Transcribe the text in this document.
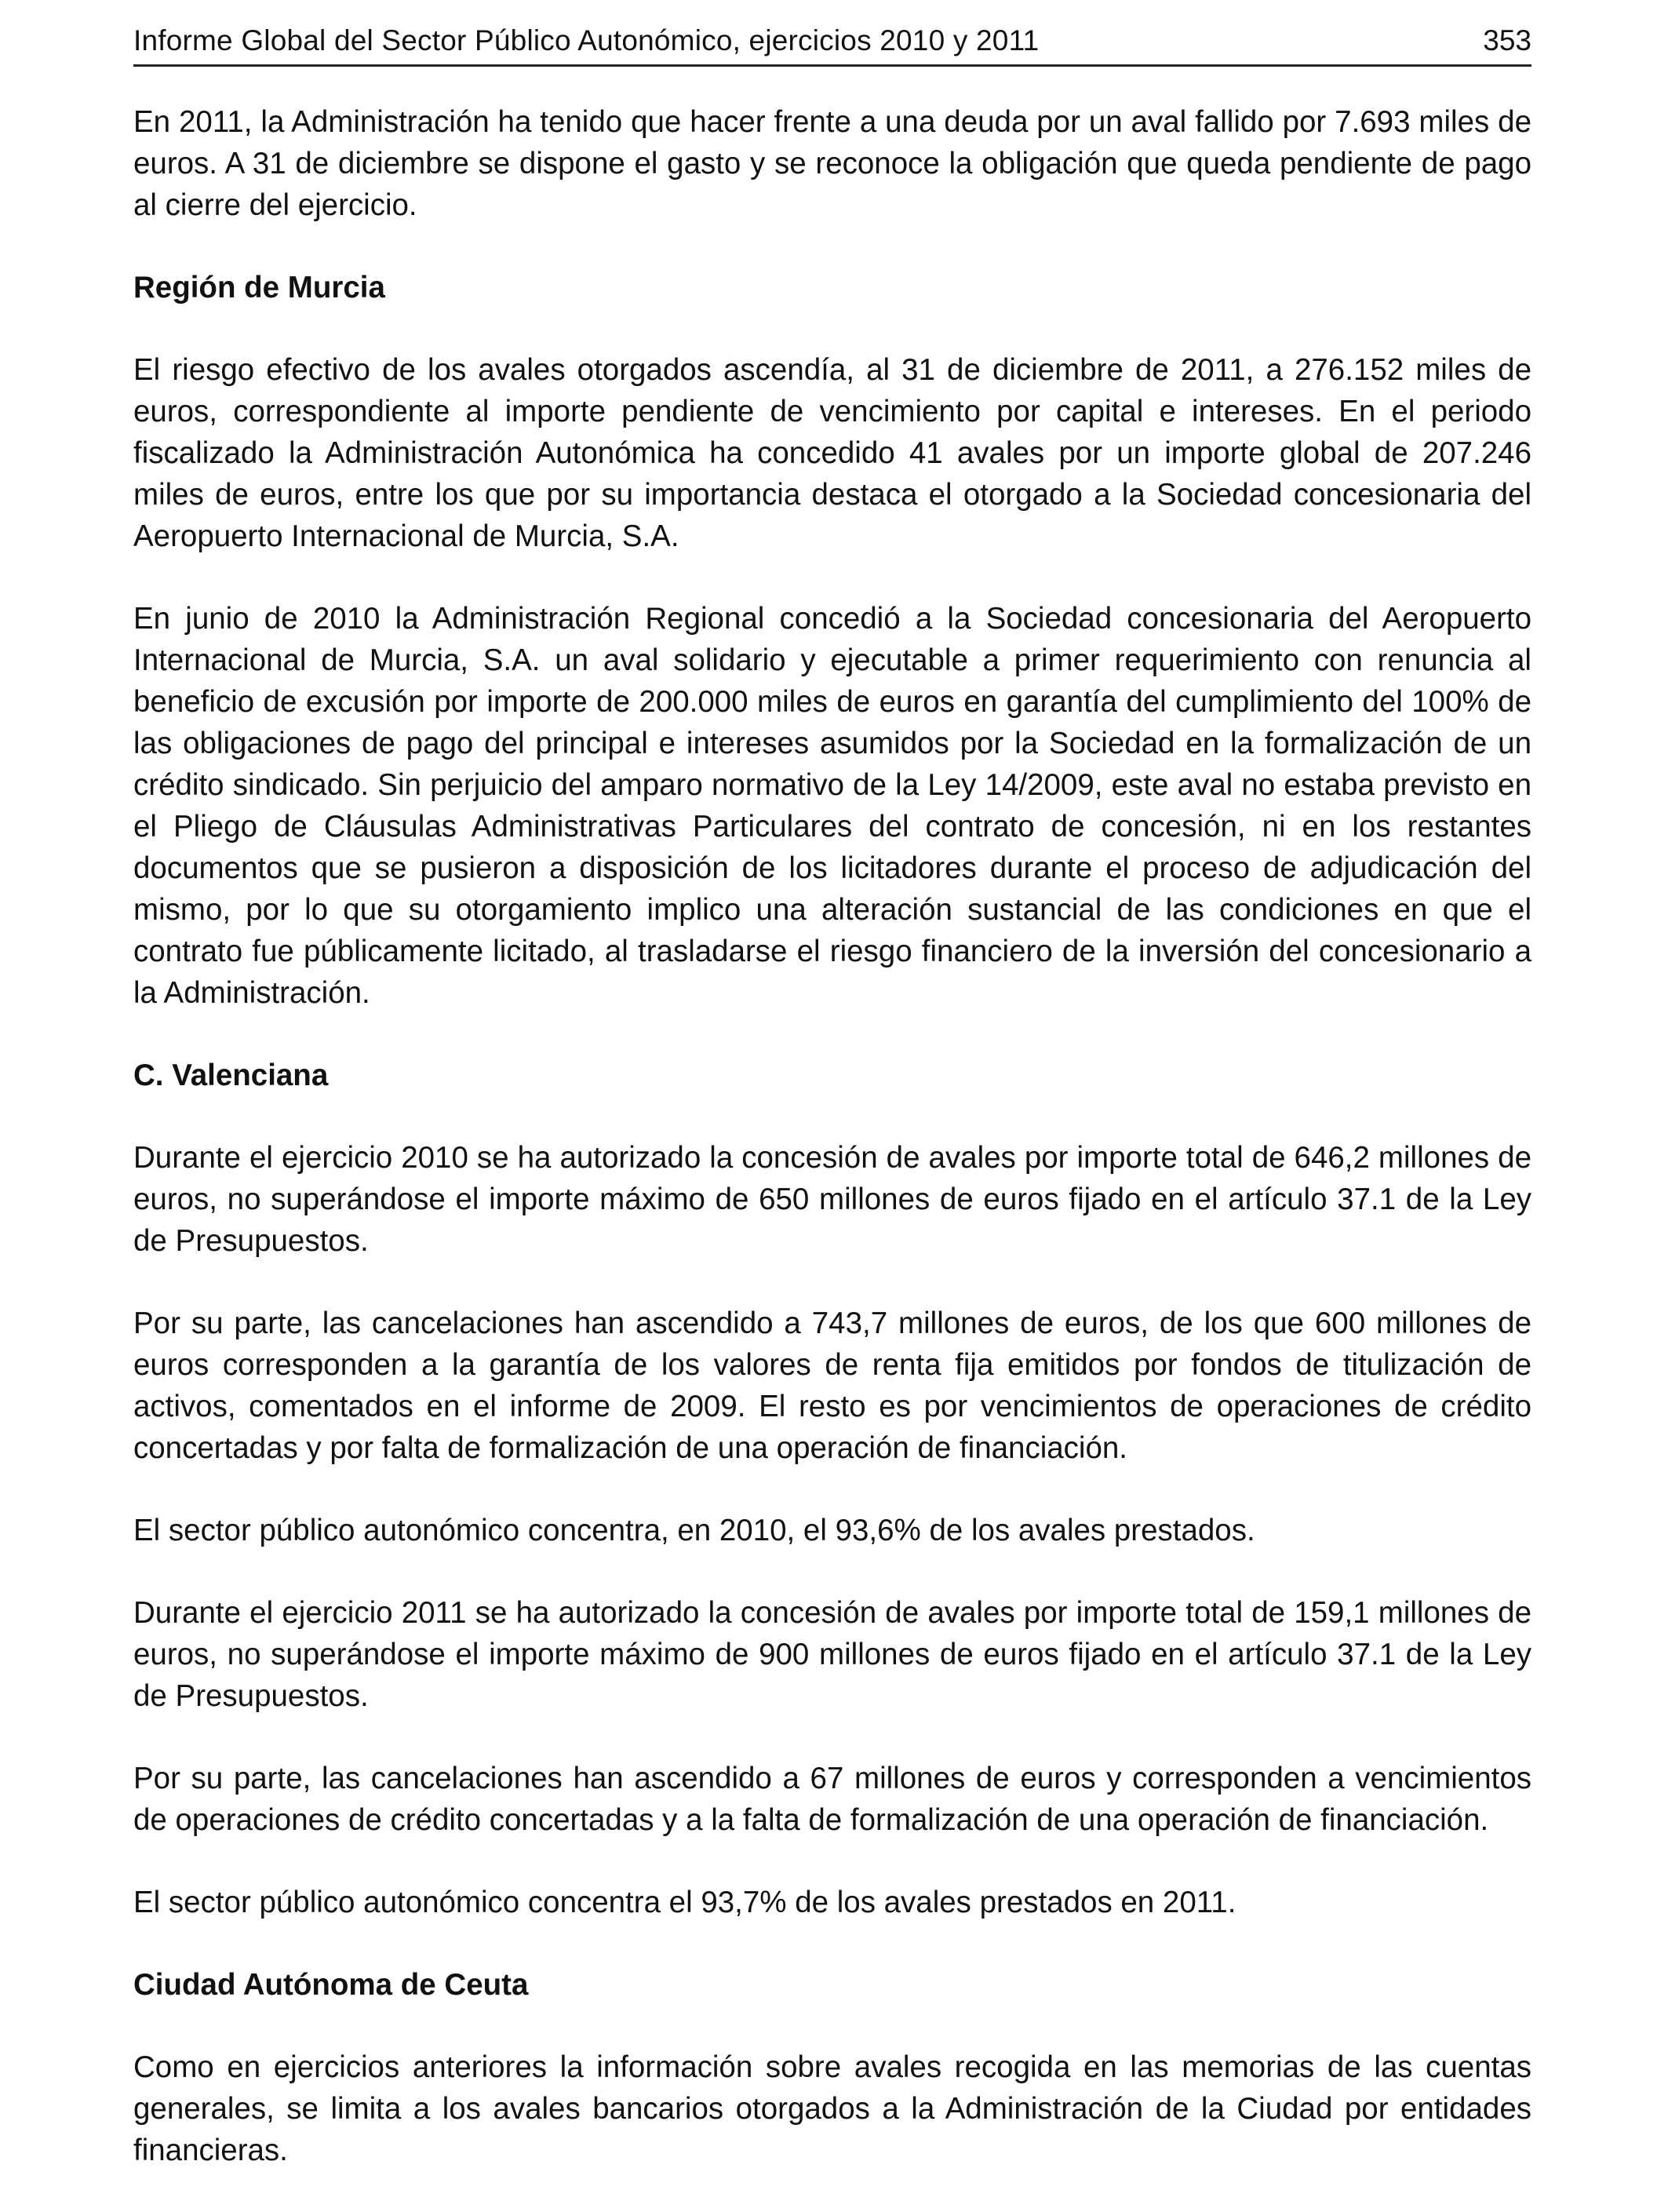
Informe Global del Sector Público Autonómico, ejercicios 2010 y 2011	353

En 2011, la Administración ha tenido que hacer frente a una deuda por un aval fallido por 7.693 miles de euros. A 31 de diciembre se dispone el gasto y se reconoce la obligación que queda pendiente de pago al cierre del ejercicio.

Región de Murcia

El riesgo efectivo de los avales otorgados ascendía, al 31 de diciembre de 2011, a 276.152 miles de euros, correspondiente al importe pendiente de vencimiento por capital e intereses. En el periodo fiscalizado la Administración Autonómica ha concedido 41 avales por un importe global de 207.246 miles de euros, entre los que por su importancia destaca el otorgado a la Sociedad concesionaria del Aeropuerto Internacional de Murcia, S.A.

En junio de 2010 la Administración Regional concedió a la Sociedad concesionaria del Aeropuerto Internacional de Murcia, S.A. un aval solidario y ejecutable a primer requerimiento con renuncia al beneficio de excusión por importe de 200.000 miles de euros en garantía del cumplimiento del 100% de las obligaciones de pago del principal e intereses asumidos por la Sociedad en la formalización de un crédito sindicado. Sin perjuicio del amparo normativo de la Ley 14/2009, este aval no estaba previsto en el Pliego de Cláusulas Administrativas Particulares del contrato de concesión, ni en los restantes documentos que se pusieron a disposición de los licitadores durante el proceso de adjudicación del mismo, por lo que su otorgamiento implico una alteración sustancial de las condiciones en que el contrato fue públicamente licitado, al trasladarse el riesgo financiero de la inversión del concesionario a la Administración.

C. Valenciana

Durante el ejercicio 2010 se ha autorizado la concesión de avales por importe total de 646,2 millones de euros, no superándose el importe máximo de 650 millones de euros fijado en el artículo 37.1 de la Ley de Presupuestos.

Por su parte, las cancelaciones han ascendido a 743,7 millones de euros, de los que 600 millones de euros corresponden a la garantía de los valores de renta fija emitidos por fondos de titulización de activos, comentados en el informe de 2009. El resto es por vencimientos de operaciones de crédito concertadas y por falta de formalización de una operación de financiación.

El sector público autonómico concentra, en 2010, el 93,6% de los avales prestados.

Durante el ejercicio 2011 se ha autorizado la concesión de avales por importe total de 159,1 millones de euros, no superándose el importe máximo de 900 millones de euros fijado en el artículo 37.1 de la Ley de Presupuestos.

Por su parte, las cancelaciones han ascendido a 67 millones de euros y corresponden a vencimientos de operaciones de crédito concertadas y a la falta de formalización de una operación de financiación.

El sector público autonómico concentra el 93,7% de los avales prestados en 2011.

Ciudad Autónoma de Ceuta

Como en ejercicios anteriores la información sobre avales recogida en las memorias de las cuentas generales, se limita a los avales bancarios otorgados a la Administración de la Ciudad por entidades financieras.
